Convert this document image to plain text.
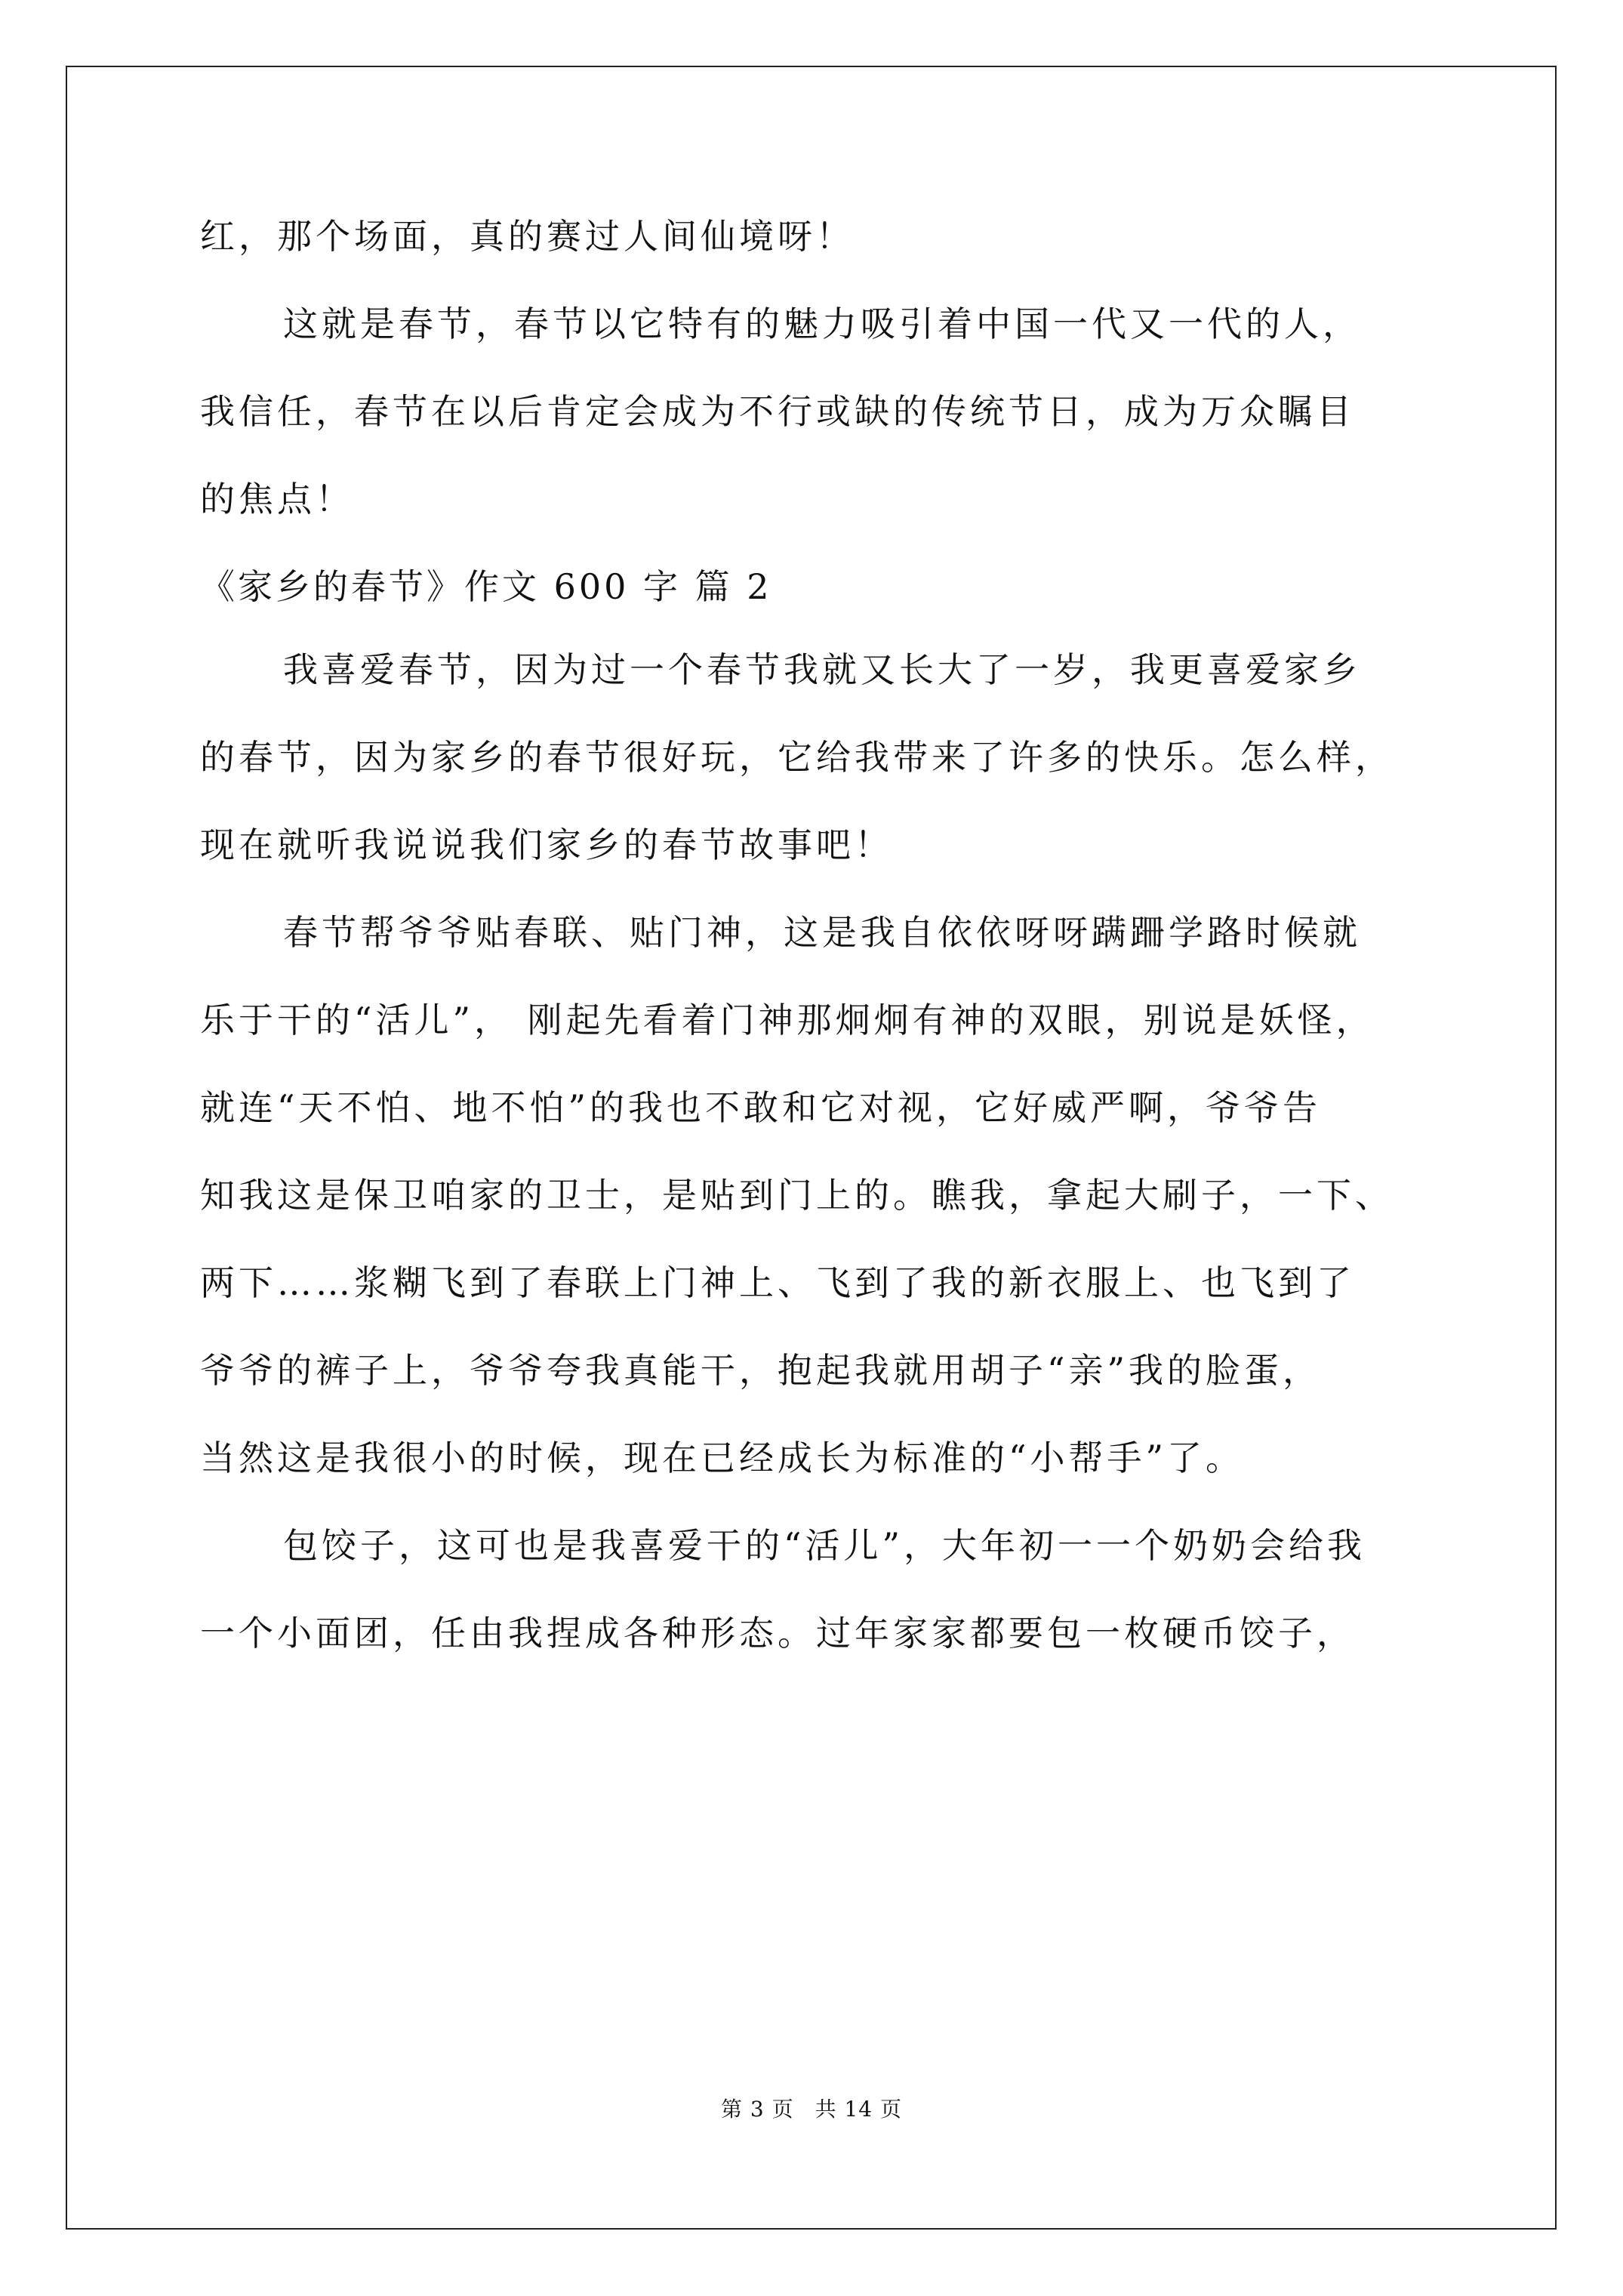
红，那个场面，真的赛过人间仙境呀！
这就是春节，春节以它特有的魅力吸引着中国一代又一代的人，
我信任，春节在以后肯定会成为不行或缺的传统节日，成为万众瞩目
的焦点！
《家乡的春节》作文 600 字 篇 2
我喜爱春节，因为过一个春节我就又长大了一岁，我更喜爱家乡
的春节，因为家乡的春节很好玩，它给我带来了许多的快乐。怎么样，
现在就听我说说我们家乡的春节故事吧！
春节帮爷爷贴春联、贴门神，这是我自依依呀呀蹒跚学路时候就
乐于干的“活儿”， 刚起先看着门神那炯炯有神的双眼，别说是妖怪，
就连“天不怕、地不怕”的我也不敢和它对视，它好威严啊，爷爷告
知我这是保卫咱家的卫士，是贴到门上的。瞧我，拿起大刷子，一下、
两下……浆糊飞到了春联上门神上、飞到了我的新衣服上、也飞到了
爷爷的裤子上，爷爷夸我真能干，抱起我就用胡子“亲”我的脸蛋，
当然这是我很小的时候，现在已经成长为标准的“小帮手”了。
包饺子，这可也是我喜爱干的“活儿”，大年初一一个奶奶会给我
一个小面团，任由我捏成各种形态。过年家家都要包一枚硬币饺子，
第 3 页 共 14 页
